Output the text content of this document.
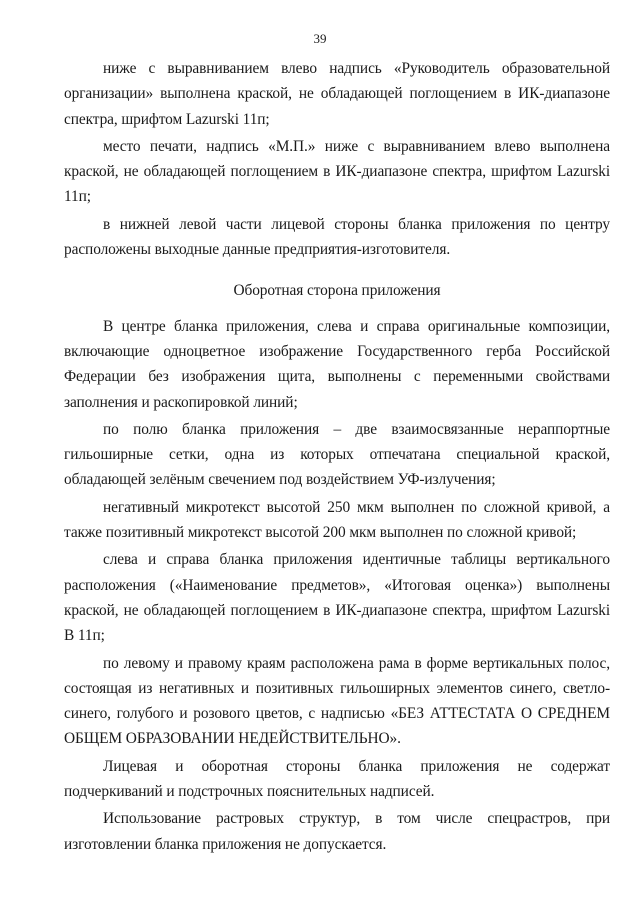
39

ниже с выравниванием влево надпись «Руководитель образовательной организации» выполнена краской, не обладающей поглощением в ИК-диапазоне спектра, шрифтом Lazurski 11п;

место печати, надпись «М.П.» ниже с выравниванием влево выполнена краской, не обладающей поглощением в ИК-диапазоне спектра, шрифтом Lazurski 11п;

в нижней левой части лицевой стороны бланка приложения по центру расположены выходные данные предприятия-изготовителя.

Оборотная сторона приложения

В центре бланка приложения, слева и справа оригинальные композиции, включающие одноцветное изображение Государственного герба Российской Федерации без изображения щита, выполнены с переменными свойствами заполнения и раскопировкой линий;

по полю бланка приложения – две взаимосвязанные нераппортные гильоширные сетки, одна из которых отпечатана специальной краской, обладающей зелёным свечением под воздействием УФ-излучения;

негативный микротекст высотой 250 мкм выполнен по сложной кривой, а также позитивный микротекст высотой 200 мкм выполнен по сложной кривой;

слева и справа бланка приложения идентичные таблицы вертикального расположения («Наименование предметов», «Итоговая оценка») выполнены краской, не обладающей поглощением в ИК-диапазоне спектра, шрифтом Lazurski B 11п;

по левому и правому краям расположена рама в форме вертикальных полос, состоящая из негативных и позитивных гильоширных элементов синего, светло-синего, голубого и розового цветов, с надписью «БЕЗ АТТЕСТАТА О СРЕДНЕМ ОБЩЕМ ОБРАЗОВАНИИ НЕДЕЙСТВИТЕЛЬНО».

Лицевая и оборотная стороны бланка приложения не содержат подчеркиваний и подстрочных пояснительных надписей.

Использование растровых структур, в том числе спецрастров, при изготовлении бланка приложения не допускается.
